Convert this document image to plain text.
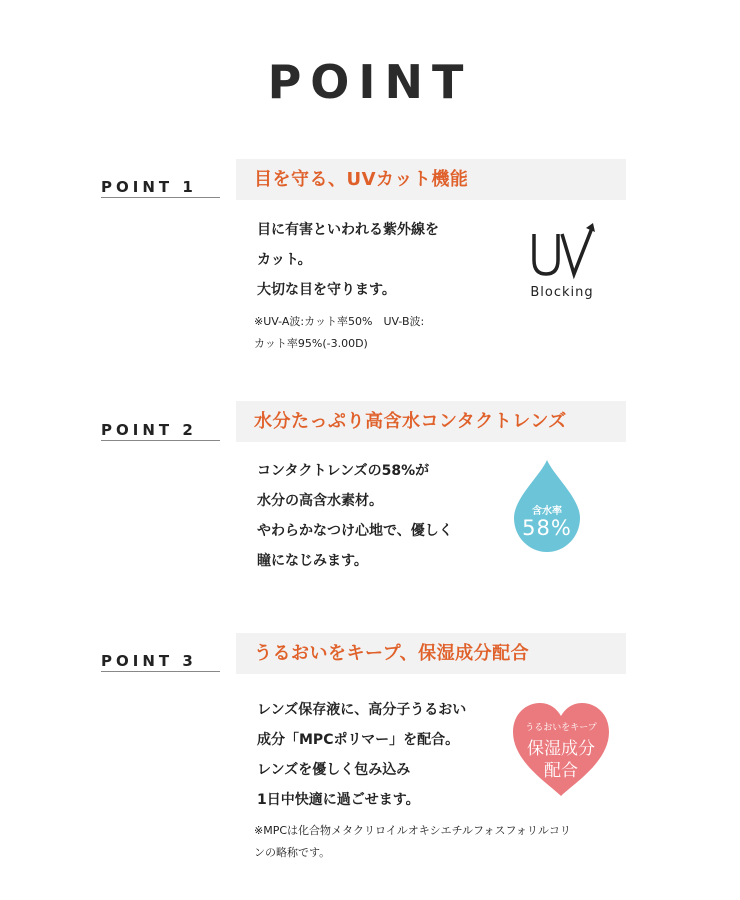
POINT
POINT 1	目を守る、UVカット機能
目に有害といわれる紫外線を
カット。
大切な目を守ります。
※UV-A波:カット率50%　UV-B波:
カット率95%(-3.00D)
Blocking
POINT 2	水分たっぷり高含水コンタクトレンズ
コンタクトレンズの58%が
水分の高含水素材。
やわらかなつけ心地で、優しく
瞳になじみます。
含水率
58%
POINT 3	うるおいをキープ、保湿成分配合
レンズ保存液に、高分子うるおい
成分「MPCポリマー」を配合。
レンズを優しく包み込み
1日中快適に過ごせます。
※MPCは化合物メタクリロイルオキシエチルフォスフォリルコリ
ンの略称です。
うるおいをキープ
保湿成分
配合
